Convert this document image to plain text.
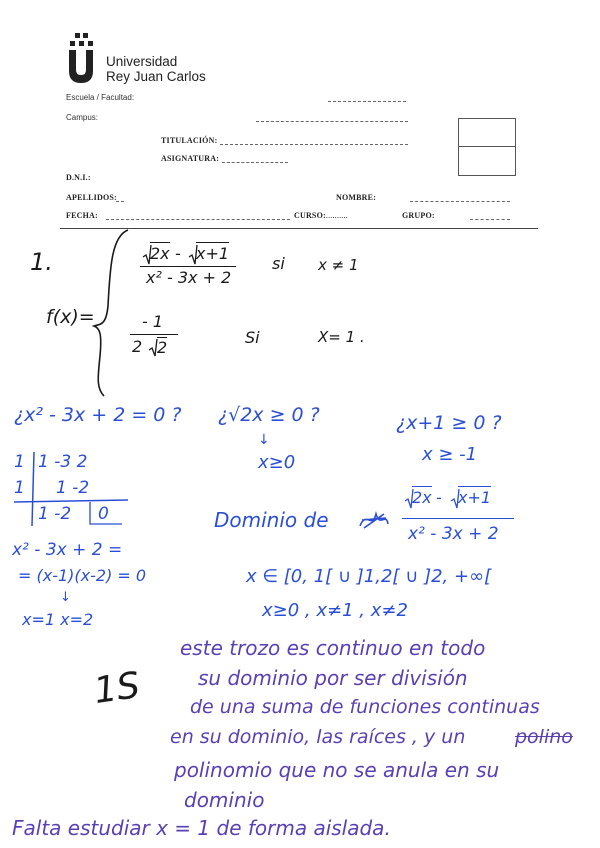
Universidad
Rey Juan Carlos
Escuela / Facultad:
Campus:
TITULACIÓN:
ASIGNATURA:
D.N.I.:
APELLIDOS:	NOMBRE:
FECHA:	CURSO:..........	GRUPO:
1.
f(x)=
2x - x+1
x² - 3x + 2
si x ≠ 1
- 1
2 2
Si	X= 1 .
¿x² - 3x + 2 = 0 ? ¿√2x ≥ 0 ?
↓
x≥0
¿x+1 ≥ 0 ?
x ≥ -1
1 1 -3 2
1 1 -2
1 -2 0
x² - 3x + 2 =
= (x-1)(x-2) = 0
↓
x=1 x=2
Dominio de
2x - x+1
x² - 3x + 2
x ∈ [0, 1[ ∪ ]1,2[ ∪ ]2, +∞[
x≥0 , x≠1 , x≠2
1S
este trozo es continuo en todo
su dominio por ser división
de una suma de funciones continuas
en su dominio, las raíces , y un	polino
polinomio que no se anula en su
dominio
Falta estudiar x = 1 de forma aislada.
